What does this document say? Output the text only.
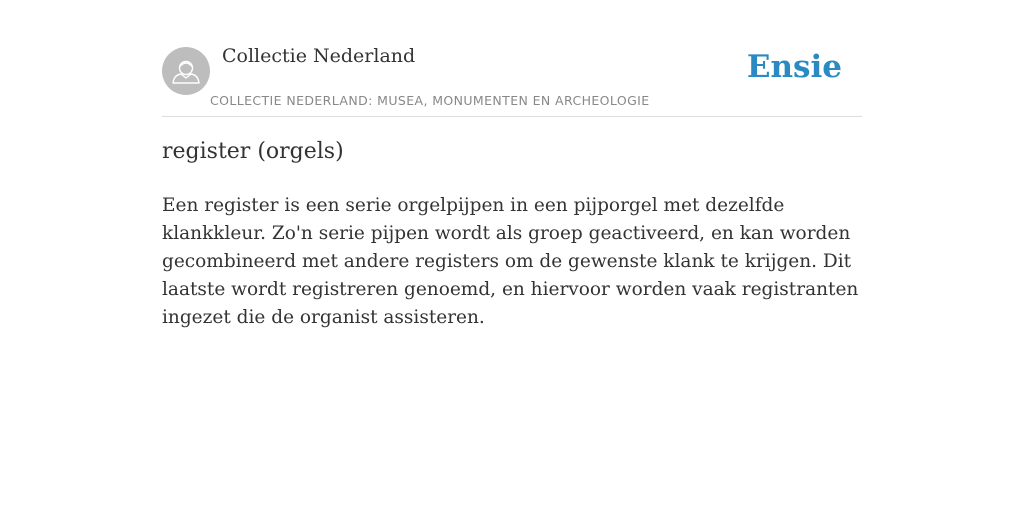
Collectie Nederland
COLLECTIE NEDERLAND: MUSEA, MONUMENTEN EN ARCHEOLOGIE
Ensie
register (orgels)

Een register is een serie orgelpijpen in een pijporgel met dezelfde klankkleur. Zo'n serie pijpen wordt als groep geactiveerd, en kan worden gecombineerd met andere registers om de gewenste klank te krijgen. Dit laatste wordt registreren genoemd, en hiervoor worden vaak registranten ingezet die de organist assisteren.
